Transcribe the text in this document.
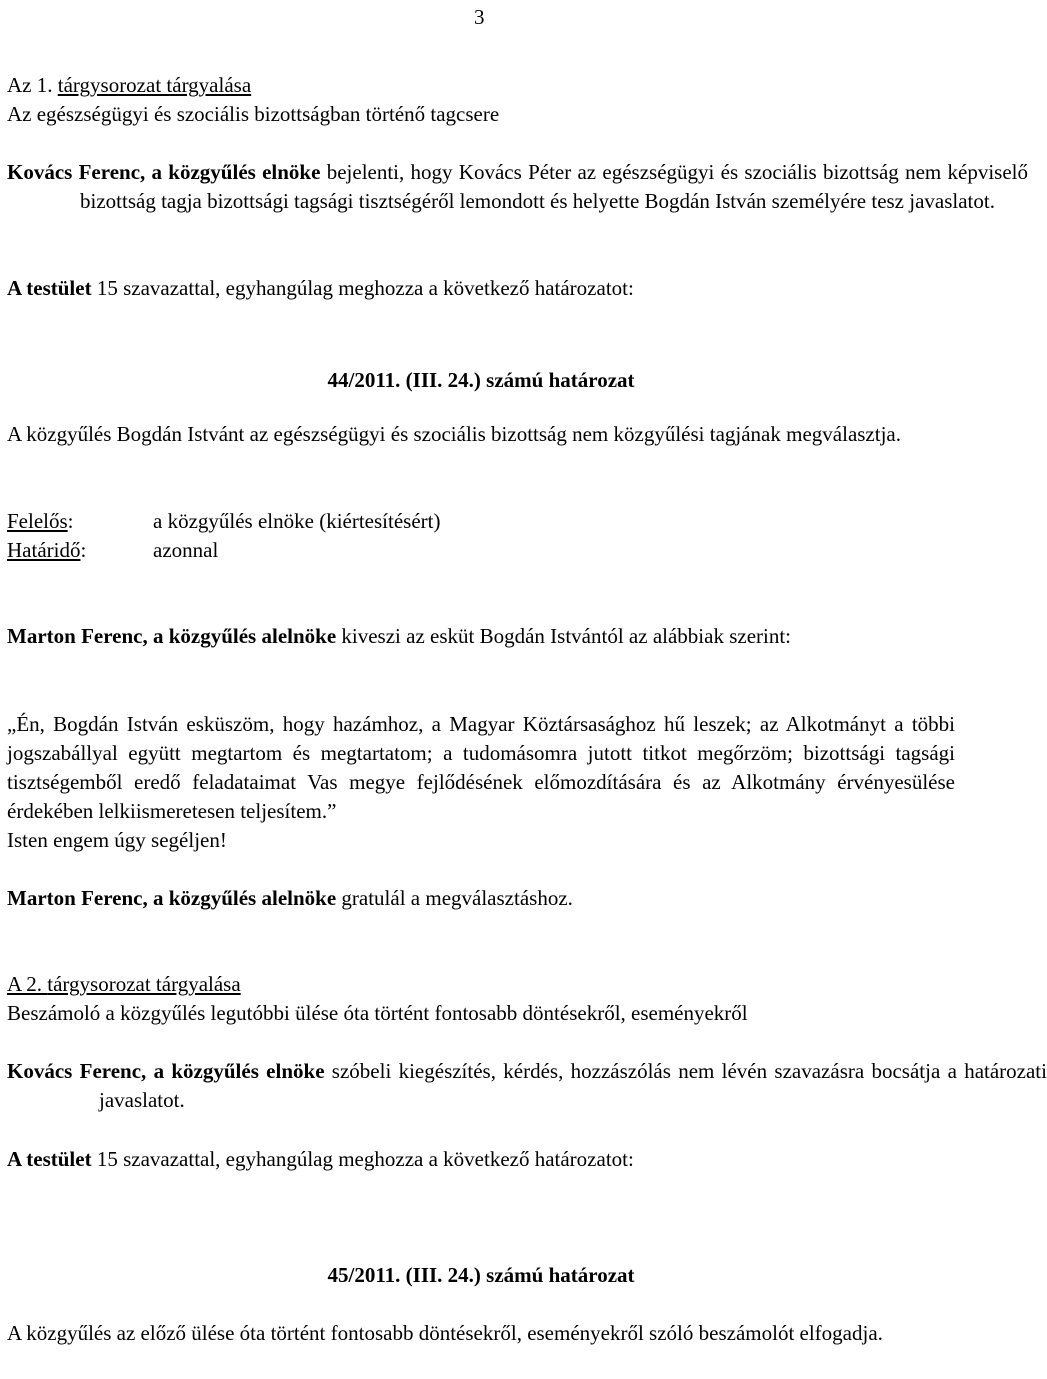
3
Az 1. tárgysorozat tárgyalása
Az egészségügyi és szociális bizottságban történő tagcsere
Kovács Ferenc, a közgyűlés elnöke bejelenti, hogy Kovács Péter az egészségügyi és szociális bizottság nem képviselő bizottság tagja bizottsági tagsági tisztségéről lemondott és helyette Bogdán István személyére tesz javaslatot.
A testület 15 szavazattal, egyhangúlag meghozza a következő határozatot:
44/2011. (III. 24.) számú határozat
A közgyűlés Bogdán Istvánt az egészségügyi és szociális bizottság nem közgyűlési tagjának megválasztja.
Felelős:	a közgyűlés elnöke (kiértesítésért)
Határidő:	azonnal
Marton Ferenc, a közgyűlés alelnöke kiveszi az esküt Bogdán Istvántól az alábbiak szerint:
„Én, Bogdán István esküszöm, hogy hazámhoz, a Magyar Köztársasághoz hű leszek; az Alkotmányt a többi jogszabállyal együtt megtartom és megtartatom; a tudomásomra jutott titkot megőrzöm; bizottsági tagsági tisztségemből eredő feladataimat Vas megye fejlődésének előmozdítására és az Alkotmány érvényesülése érdekében lelkiismeretesen teljesítem.”
Isten engem úgy segéljen!
Marton Ferenc, a közgyűlés alelnöke gratulál a megválasztáshoz.
A 2. tárgysorozat tárgyalása
Beszámoló a közgyűlés legutóbbi ülése óta történt fontosabb döntésekről, eseményekről
Kovács Ferenc, a közgyűlés elnöke szóbeli kiegészítés, kérdés, hozzászólás nem lévén szavazásra bocsátja a határozati javaslatot.
A testület 15 szavazattal, egyhangúlag meghozza a következő határozatot:
45/2011. (III. 24.) számú határozat
A közgyűlés az előző ülése óta történt fontosabb döntésekről, eseményekről szóló beszámolót elfogadja.
